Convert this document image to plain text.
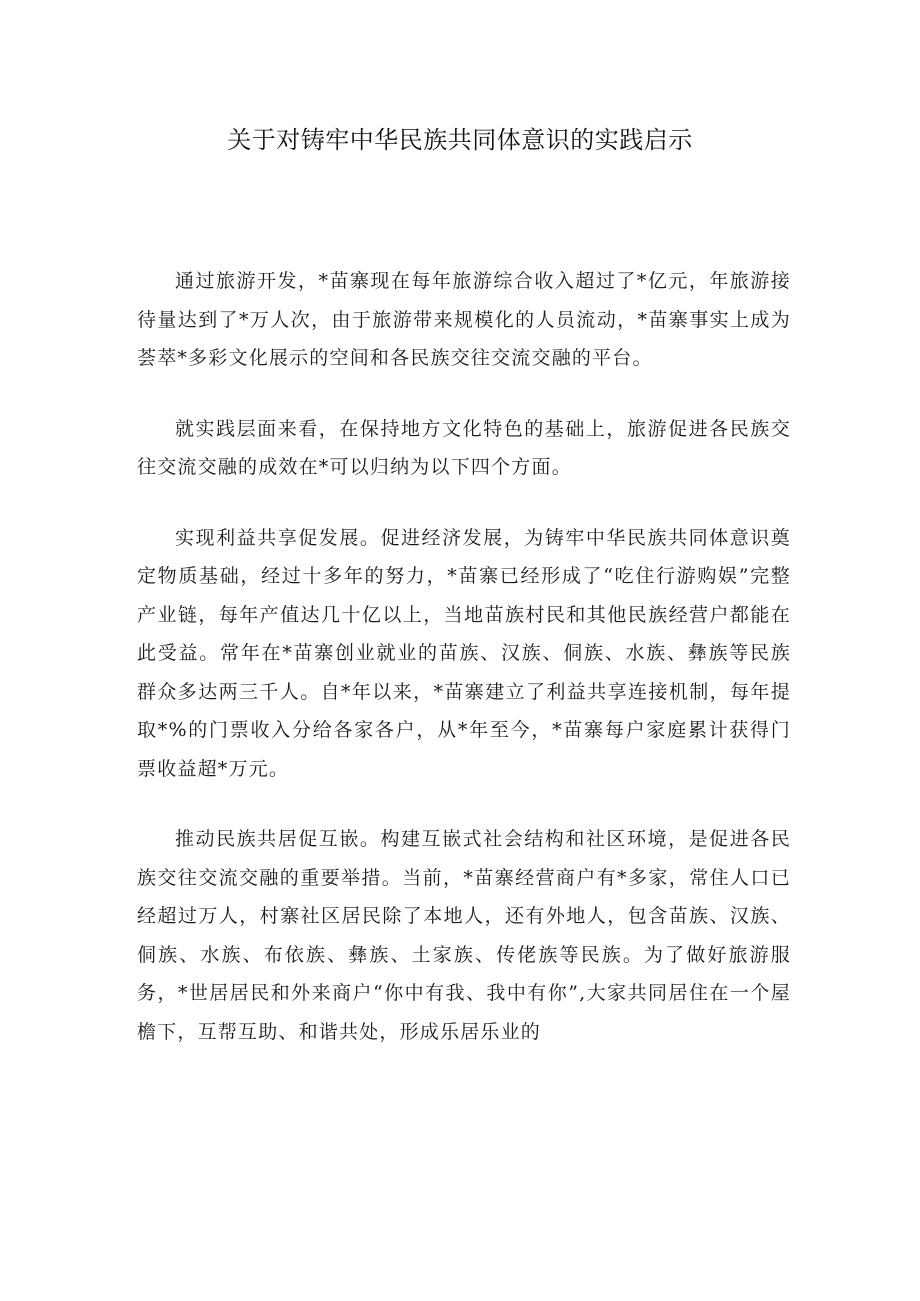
关于对铸牢中华民族共同体意识的实践启示

通过旅游开发，*苗寨现在每年旅游综合收入超过了*亿元，年旅游接待量达到了*万人次，由于旅游带来规模化的人员流动，*苗寨事实上成为荟萃*多彩文化展示的空间和各民族交往交流交融的平台。

就实践层面来看，在保持地方文化特色的基础上，旅游促进各民族交往交流交融的成效在*可以归纳为以下四个方面。

实现利益共享促发展。促进经济发展，为铸牢中华民族共同体意识奠定物质基础，经过十多年的努力，*苗寨已经形成了“吃住行游购娱”完整产业链，每年产值达几十亿以上，当地苗族村民和其他民族经营户都能在此受益。常年在*苗寨创业就业的苗族、汉族、侗族、水族、彝族等民族群众多达两三千人。自*年以来，*苗寨建立了利益共享连接机制，每年提取*%的门票收入分给各家各户，从*年至今，*苗寨每户家庭累计获得门票收益超*万元。

推动民族共居促互嵌。构建互嵌式社会结构和社区环境，是促进各民族交往交流交融的重要举措。当前，*苗寨经营商户有*多家，常住人口已经超过万人，村寨社区居民除了本地人，还有外地人，包含苗族、汉族、侗族、水族、布依族、彝族、土家族、传佬族等民族。为了做好旅游服务，*世居居民和外来商户“你中有我、我中有你”,大家共同居住在一个屋檐下，互帮互助、和谐共处，形成乐居乐业的
